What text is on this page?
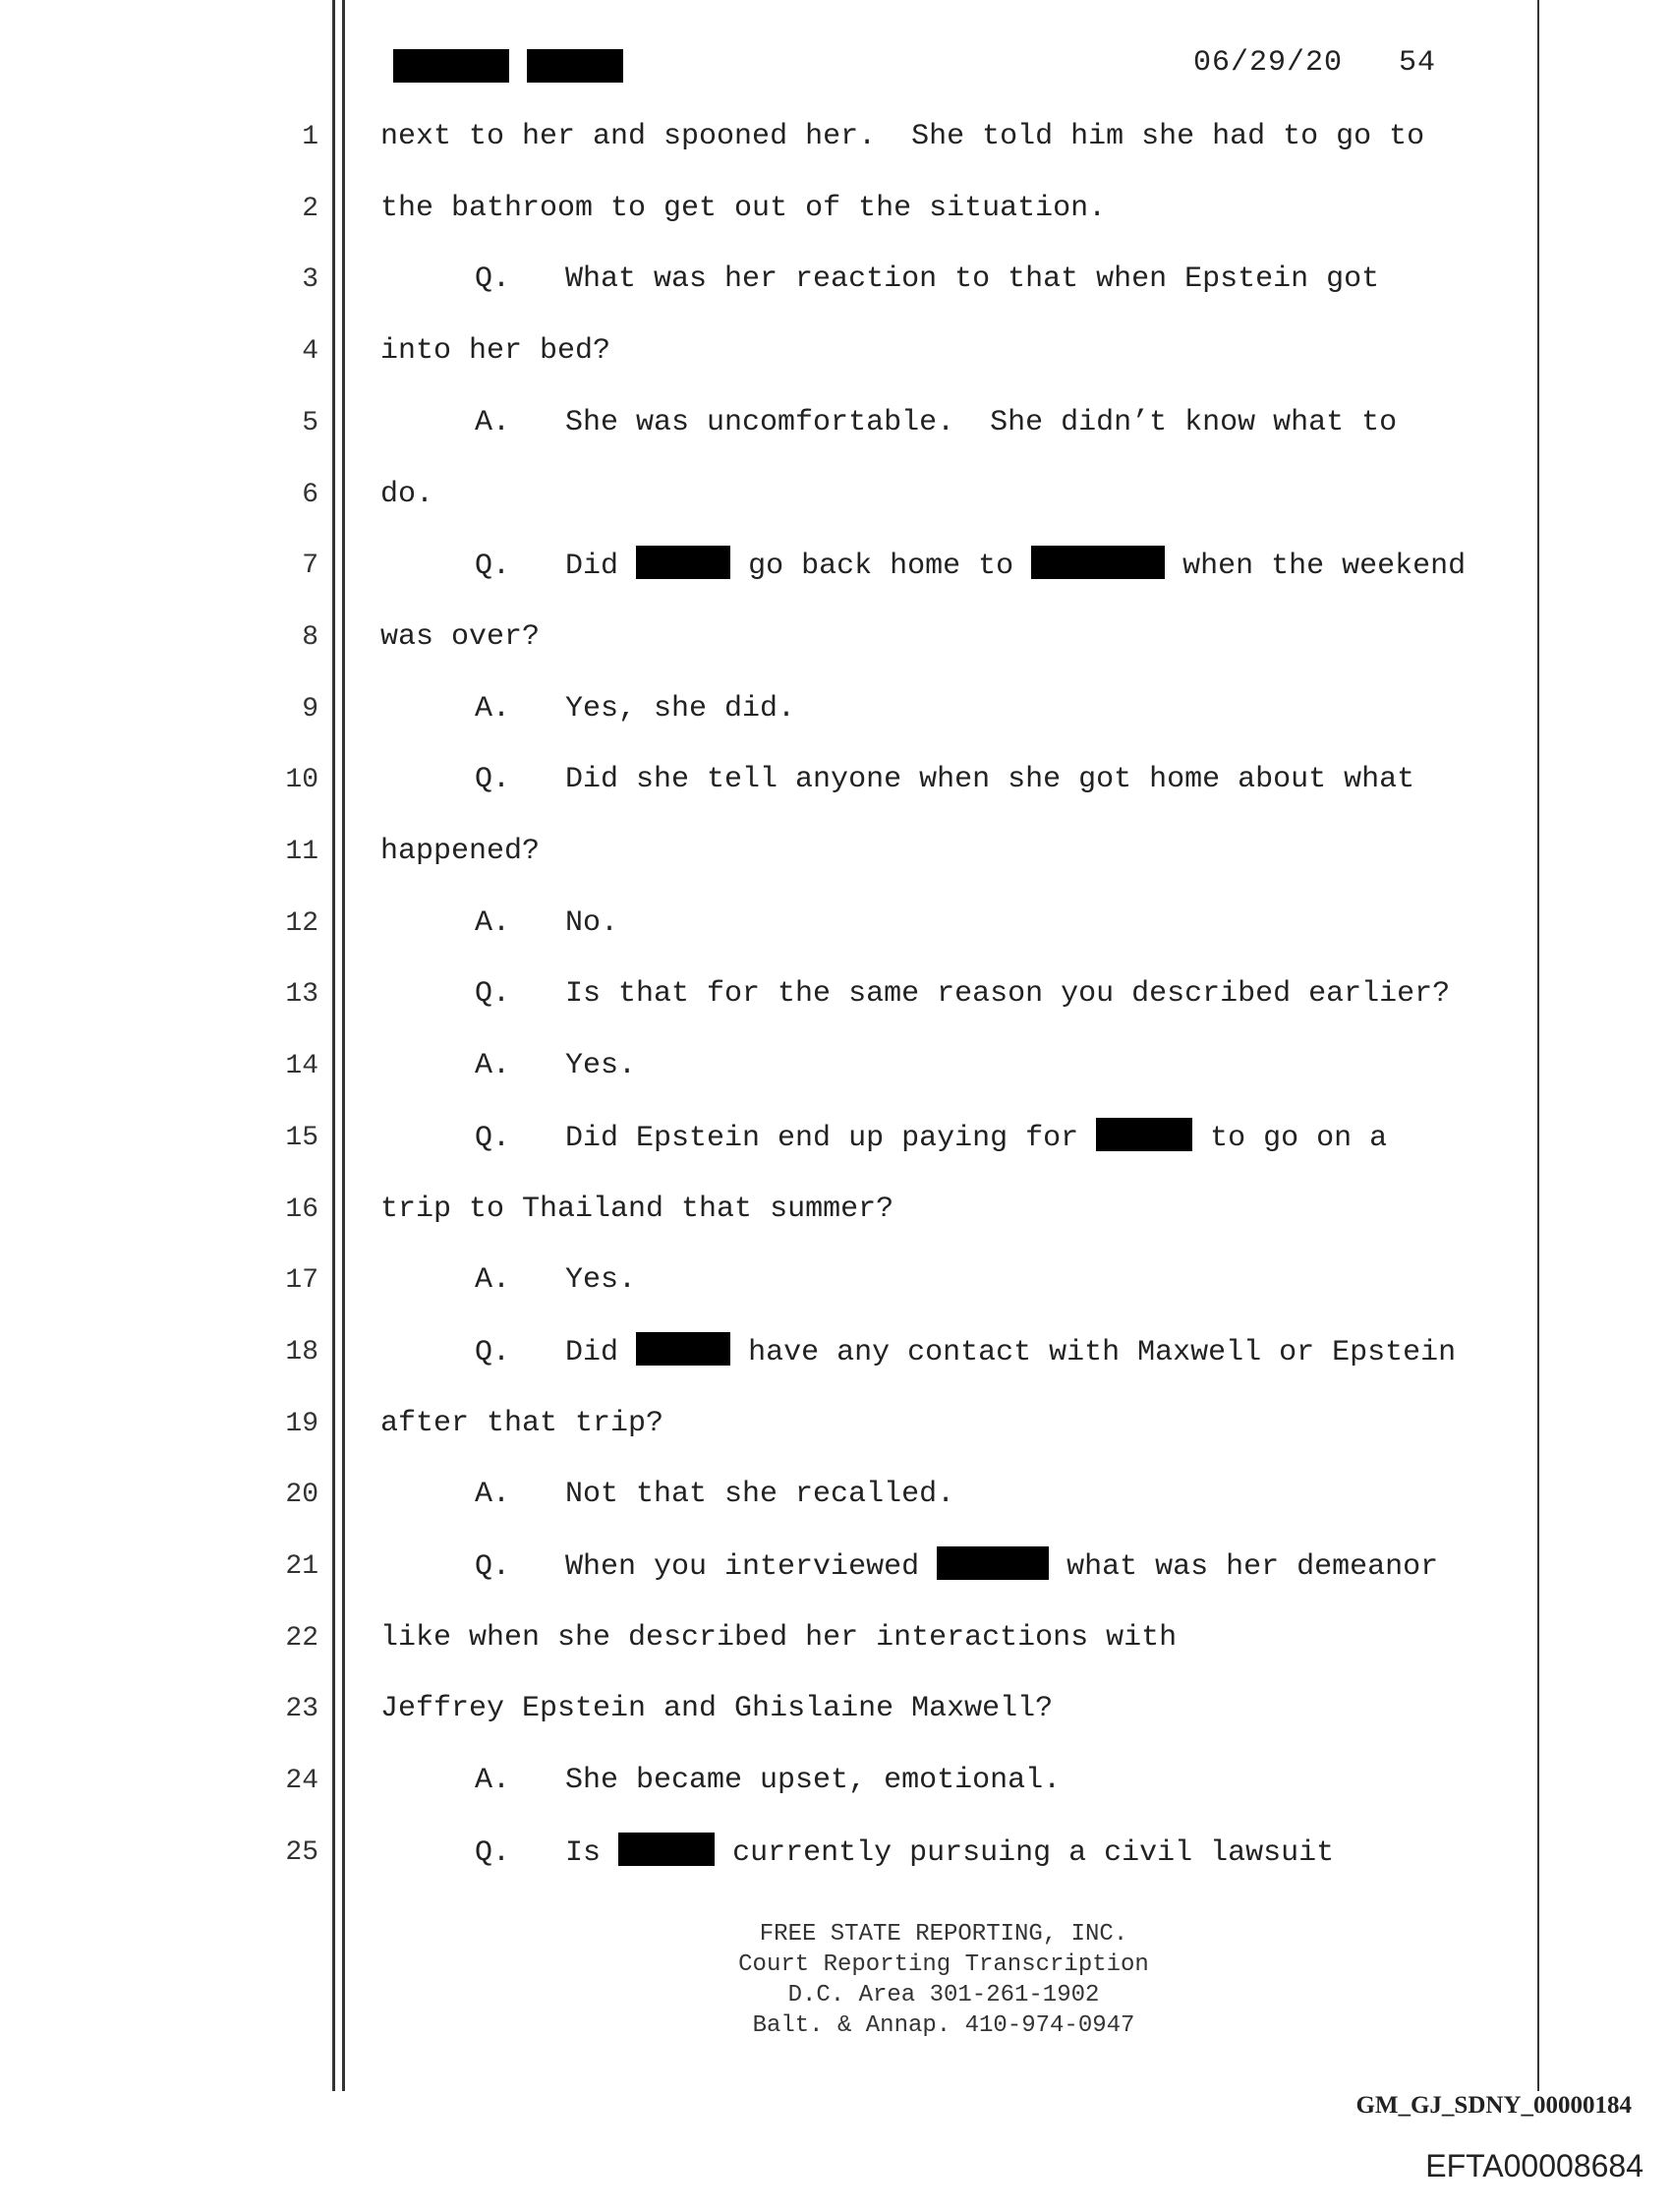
06/29/20 54
1 next to her and spooned her.  She told him she had to go to
2 the bathroom to get out of the situation.
3	Q. What was her reaction to that when Epstein got
4 into her bed?
5	A. She was uncomfortable.  She didn’t know what to
6 do.
7	Q. Did	go back home to	when the weekend
8 was over?
9	A. Yes, she did.
10	Q. Did she tell anyone when she got home about what
11 happened?
12	A. No.
13	Q. Is that for the same reason you described earlier?
14	A. Yes.
15	Q. Did Epstein end up paying for	to go on a
16 trip to Thailand that summer?
17	A. Yes.
18	Q. Did	have any contact with Maxwell or Epstein
19 after that trip?
20	A. Not that she recalled.
21	Q. When you interviewed	what was her demeanor
22 like when she described her interactions with
23 Jeffrey Epstein and Ghislaine Maxwell?
24	A. She became upset, emotional.
25	Q. Is	currently pursuing a civil lawsuit
FREE STATE REPORTING, INC.
Court Reporting Transcription
D.C. Area 301-261-1902
Balt. & Annap. 410-974-0947
GM_GJ_SDNY_00000184
EFTA00008684
